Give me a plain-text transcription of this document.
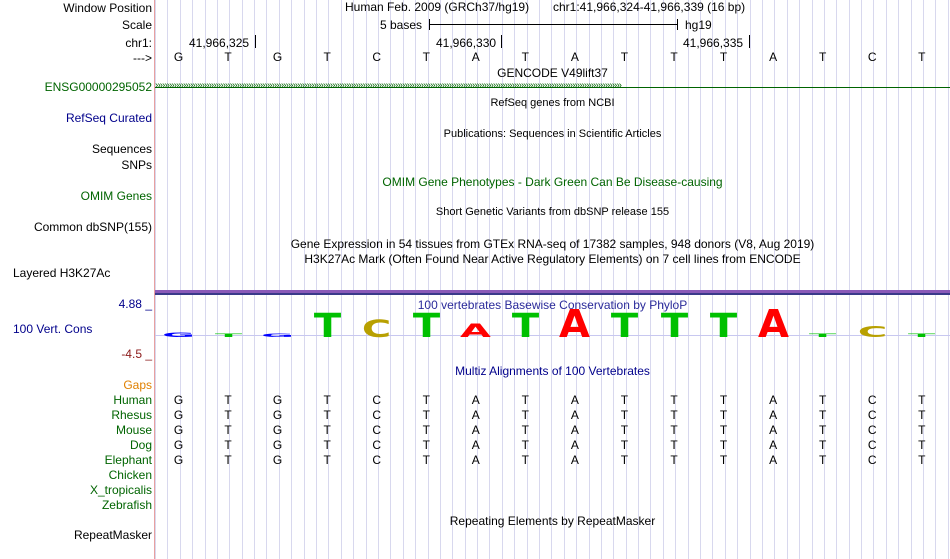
Window Position
Scale
chr1:
--->
ENSG00000295052
RefSeq Curated
Sequences
SNPs
OMIM Genes
Common dbSNP(155)
Layered H3K27Ac
4.88 _
100 Vert. Cons
-4.5 _
Gaps
Human
Rhesus
Mouse
Dog
Elephant
Chicken
X_tropicalis
Zebrafish
RepeatMasker
Human Feb. 2009 (GRCh37/hg19) chr1:41,966,324-41,966,339 (16 bp)
5 bases	hg19
41,966,325	41,966,330	41,966,335
G	T	G	T	C	T	A	T	A	T	T	T	A	T	C	T
GENCODE V49lift37
››››››››››››››››››››››››››››››››››››››››››››››››››››››››››››››››››››››››››››››››››››››››››››››››››››››››››››››››››››››››››››››››››››››››››››››››››››››››››››››››››››››››››››››››››››››››››››››››››››››››
RefSeq genes from NCBI
Publications: Sequences in Scientific Articles
OMIM Gene Phenotypes - Dark Green Can Be Disease-causing
Short Genetic Variants from dbSNP release 155
Gene Expression in 54 tissues from GTEx RNA-seq of 17382 samples, 948 donors (V8, Aug 2019)
H3K27Ac Mark (Often Found Near Active Regulatory Elements) on 7 cell lines from ENCODE
100 vertebrates Basewise Conservation by PhyloP
G T G T	C	T	A	T	A	T	T	T	A	T	C	T
Multiz Alignments of 100 Vertebrates
G	T	G	T	C	T	A	T	A	T	T	T	A	T	C	T
G	T	G	T	C	T	A	T	A	T	T	T	A	T	C	T
G	T	G	T	C	T	A	T	A	T	T	T	A	T	C	T
G	T	G	T	C	T	A	T	A	T	T	T	A	T	C	T
G	T	G	T	C	T	A	T	A	T	T	T	A	T	C	T
Repeating Elements by RepeatMasker
